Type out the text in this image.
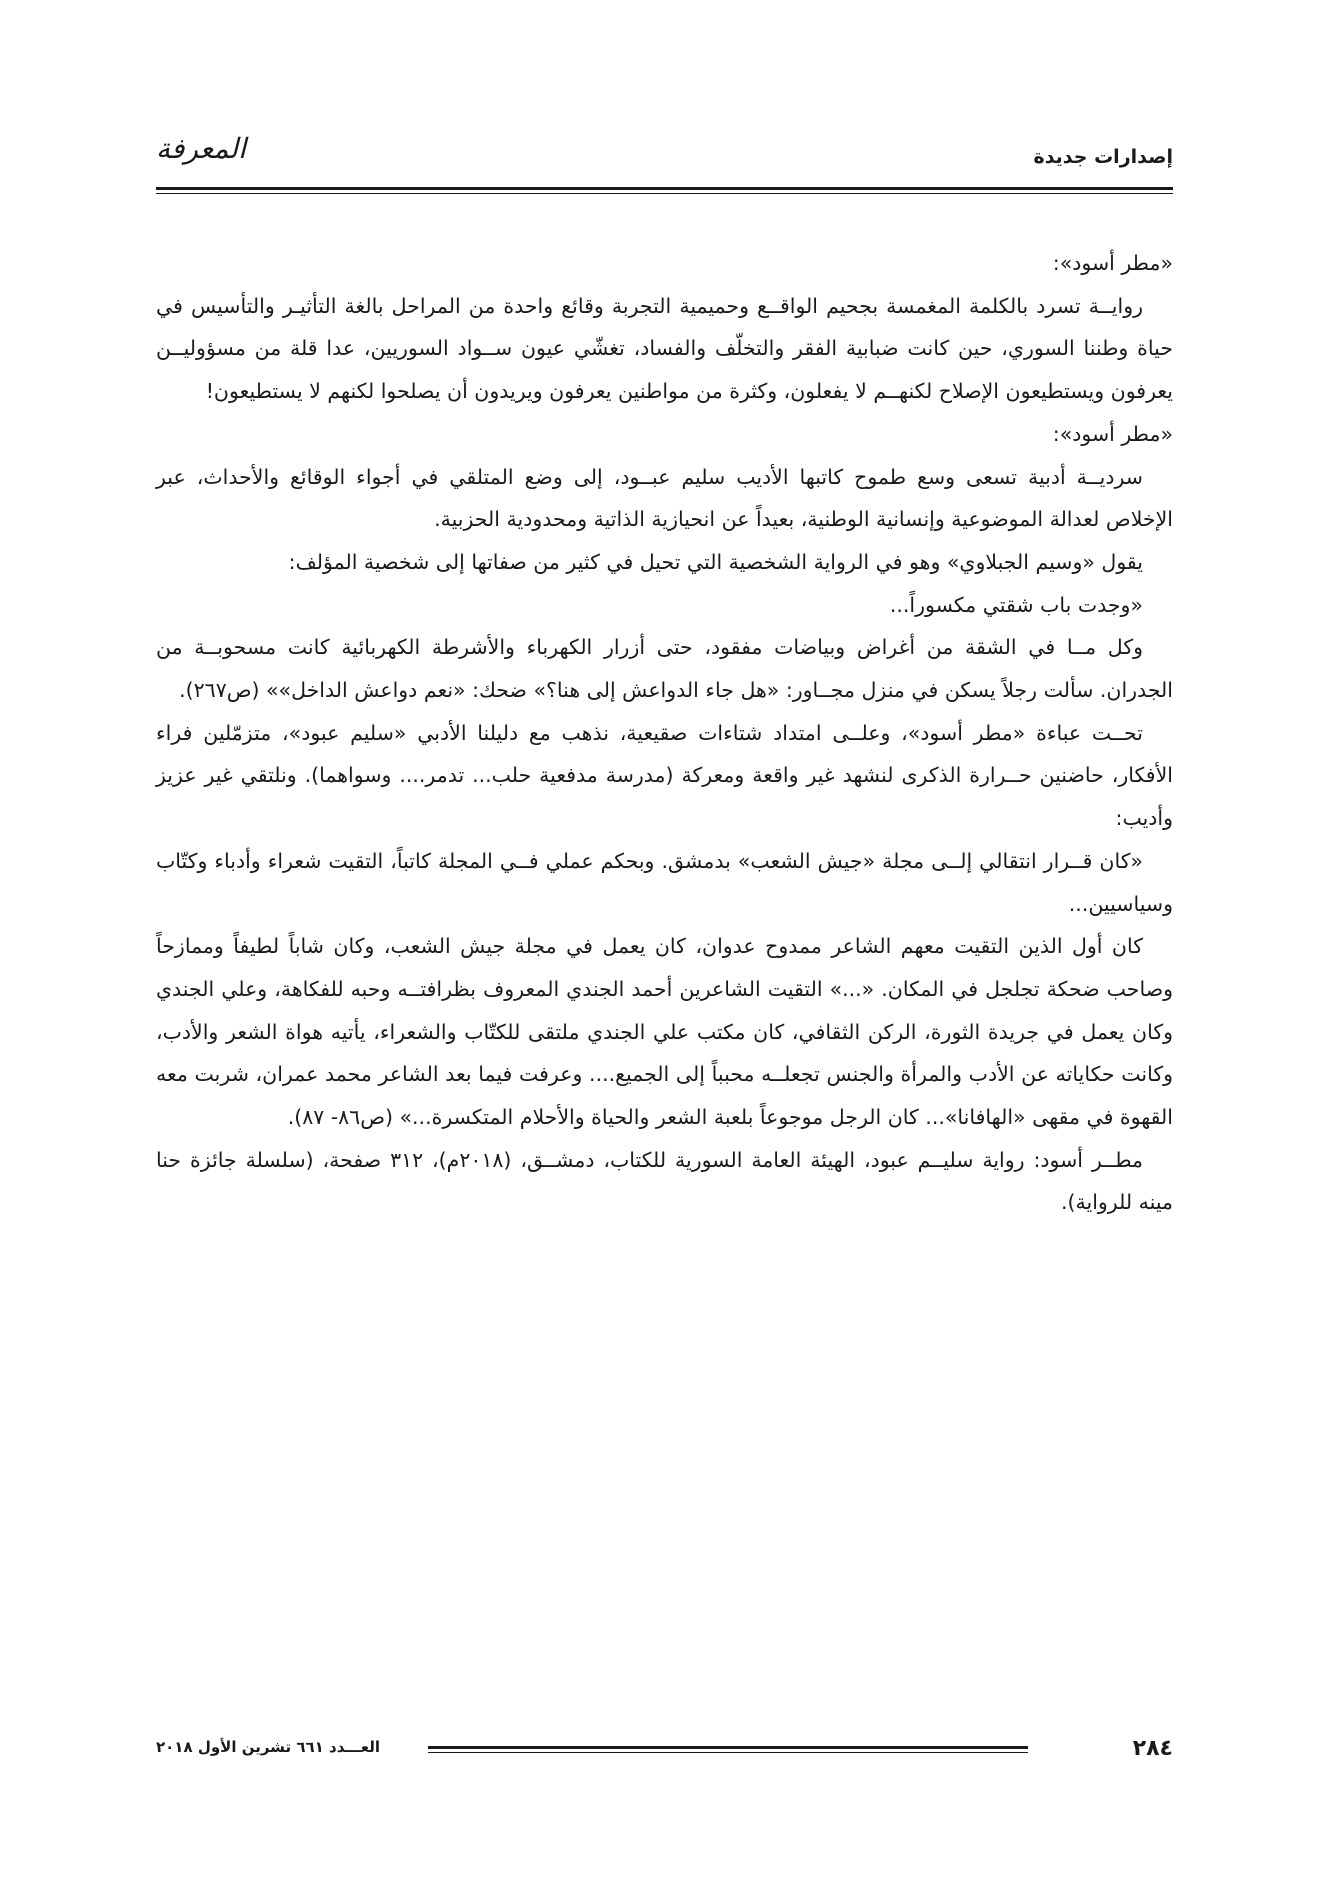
إصدارات جديدة
المعرفة

«مطر أسود»:

روايــة تسرد بالكلمة المغمسة بجحيم الواقــع وحميمية التجربة وقائع واحدة من المراحل بالغة التأثيـر والتأسيس في حياة وطننا السوري، حين كانت ضبابية الفقر والتخلّف والفساد، تغشّي عيون ســواد السوريين، عدا قلة من مسؤوليــن يعرفون ويستطيعون الإصلاح لكنهــم لا يفعلون، وكثرة من مواطنين يعرفون ويريدون أن يصلحوا لكنهم لا يستطيعون!

«مطر أسود»:

سرديــة أدبية تسعى وسع طموح كاتبها الأديب سليم عبــود، إلى وضع المتلقي في أجواء الوقائع والأحداث، عبر الإخلاص لعدالة الموضوعية وإنسانية الوطنية، بعيداً عن انحيازية الذاتية ومحدودية الحزبية.

يقول «وسيم الجبلاوي» وهو في الرواية الشخصية التي تحيل في كثير من صفاتها إلى شخصية المؤلف:

«وجدت باب شقتي مكسوراً...

وكل مــا في الشقة من أغراض وبياضات مفقود، حتى أزرار الكهرباء والأشرطة الكهربائية كانت مسحوبــة من الجدران. سألت رجلاً يسكن في منزل مجــاور: «هل جاء الدواعش إلى هنا؟» ضحك: «نعم دواعش الداخل»» (ص٢٦٧).

تحــت عباءة «مطر أسود»، وعلــى امتداد شتاءات صقيعية، نذهب مع دليلنا الأدبي «سليم عبود»، متزمّلين فراء الأفكار، حاضنين حــرارة الذكرى لنشهد غير واقعة ومعركة (مدرسة مدفعية حلب... تدمر.... وسواهما). ونلتقي غير عزيز وأديب:

«كان قــرار انتقالي إلــى مجلة «جيش الشعب» بدمشق. وبحكم عملي فــي المجلة كاتباً، التقيت شعراء وأدباء وكتّاب وسياسيين...

كان أول الذين التقيت معهم الشاعر ممدوح عدوان، كان يعمل في مجلة جيش الشعب، وكان شاباً لطيفاً وممازحاً وصاحب ضحكة تجلجل في المكان. «...» التقيت الشاعرين أحمد الجندي المعروف بظرافتــه وحبه للفكاهة، وعلي الجندي وكان يعمل في جريدة الثورة، الركن الثقافي، كان مكتب علي الجندي ملتقى للكتّاب والشعراء، يأتيه هواة الشعر والأدب، وكانت حكاياته عن الأدب والمرأة والجنس تجعلــه محبباً إلى الجميع.... وعرفت فيما بعد الشاعر محمد عمران، شربت معه القهوة في مقهى «الهافانا»... كان الرجل موجوعاً بلعبة الشعر والحياة والأحلام المتكسرة...» (ص٨٦- ٨٧).

مطــر أسود: رواية سليــم عبود، الهيئة العامة السورية للكتاب، دمشــق، (٢٠١٨م)، ٣١٢ صفحة، (سلسلة جائزة حنا مينه للرواية).

٢٨٤
العـــدد ٦٦١ تشرين الأول ٢٠١٨
